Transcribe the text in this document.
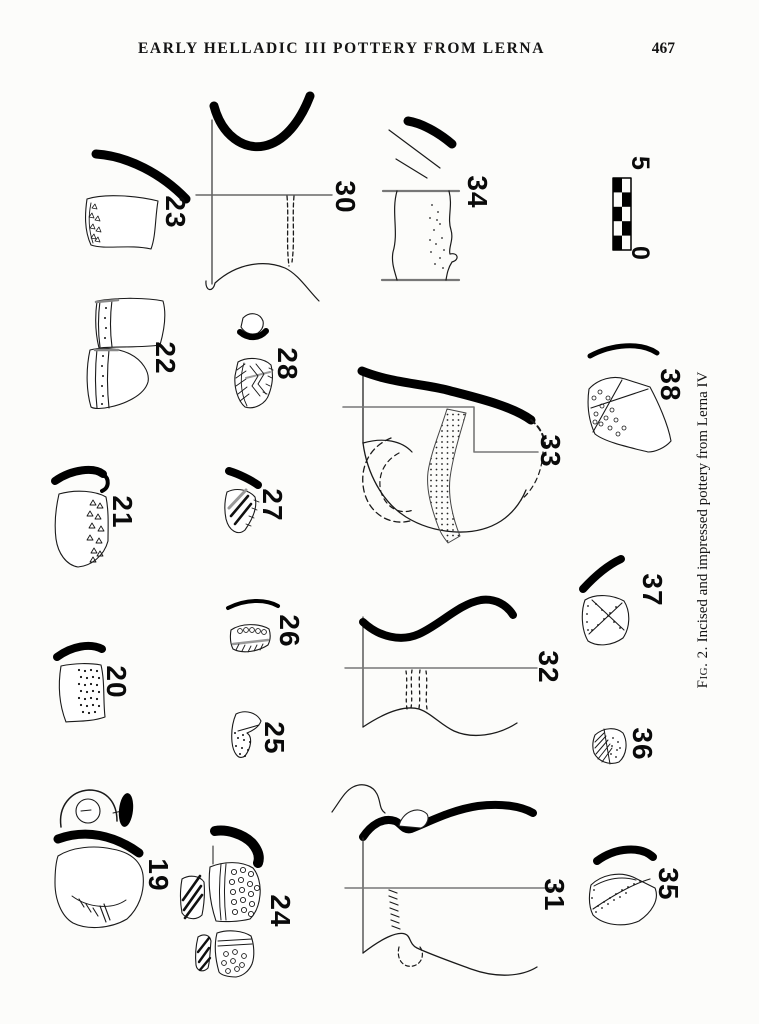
EARLY HELLADIC III POTTERY FROM LERNA	467
23	30	34
22	28
27
21
20
26
25
33
32
38
37
36
35
31
19
24
5
0
Fig. 2. Incised and impressed pottery from Lerna IV
